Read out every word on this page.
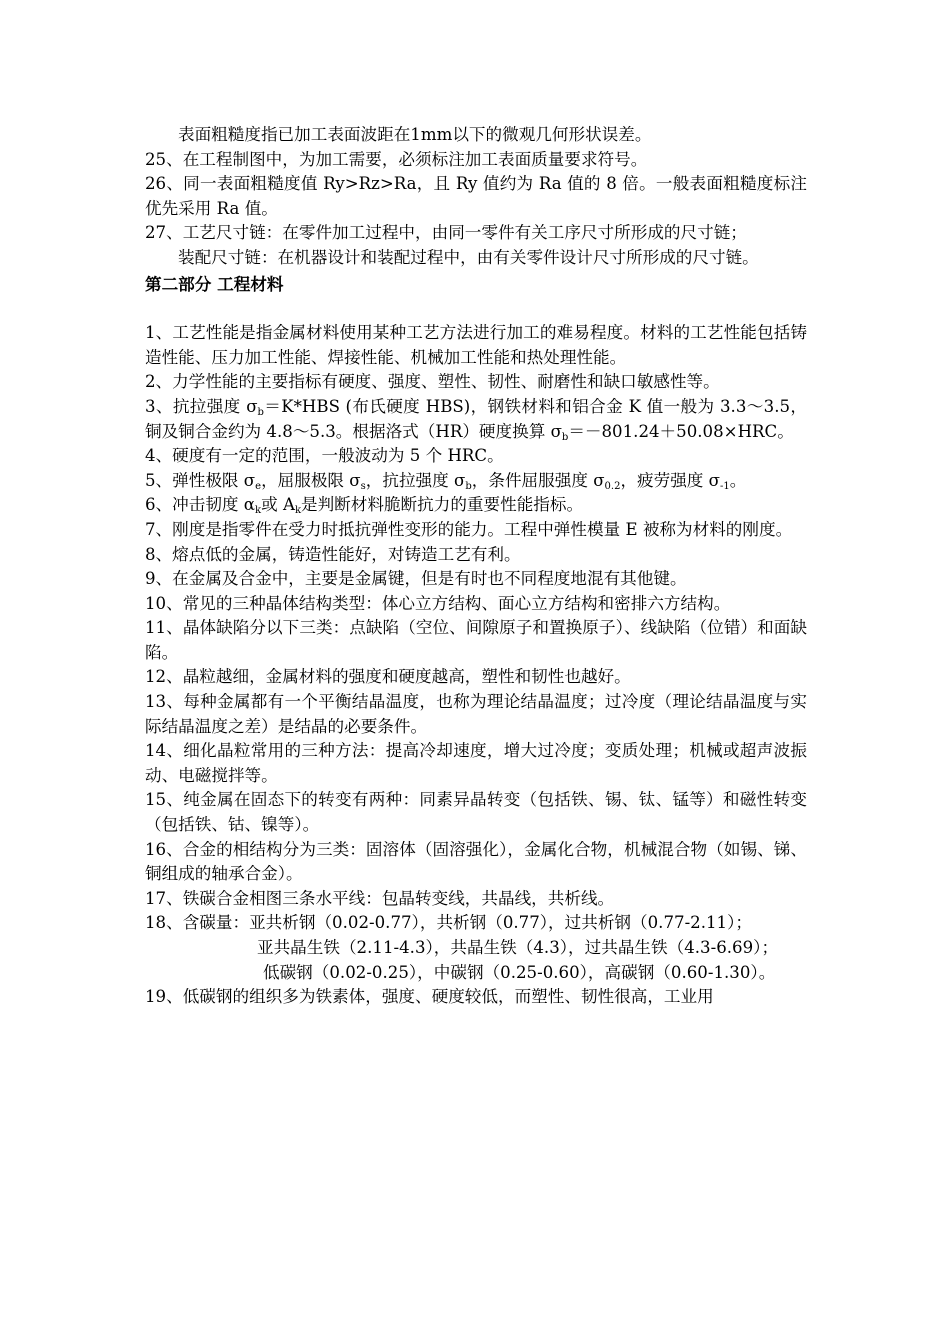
表面粗糙度指已加工表面波距在1mm以下的微观几何形状误差。

25、在工程制图中，为加工需要，必须标注加工表面质量要求符号。

26、同一表面粗糙度值 Ry>Rz>Ra，且 Ry 值约为 Ra 值的 8 倍。一般表面粗糙度标注优先采用 Ra 值。

27、工艺尺寸链：在零件加工过程中，由同一零件有关工序尺寸所形成的尺寸链；

装配尺寸链：在机器设计和装配过程中，由有关零件设计尺寸所形成的尺寸链。

第二部分 工程材料

1、工艺性能是指金属材料使用某种工艺方法进行加工的难易程度。材料的工艺性能包括铸造性能、压力加工性能、焊接性能、机械加工性能和热处理性能。

2、力学性能的主要指标有硬度、强度、塑性、韧性、耐磨性和缺口敏感性等。

3、抗拉强度 $\sigma_b=K*HBS$ (布氏硬度 HBS)，钢铁材料和铝合金 K 值一般为 3.3～3.5，铜及铜合金约为 4.8～5.3。根据洛式（HR）硬度换算 $\sigma_b=-801.24+50.08\times HRC$。

4、硬度有一定的范围，一般波动为 5 个 HRC。

5、弹性极限 $\sigma_e$，屈服极限 $\sigma_s$，抗拉强度 $\sigma_b$，条件屈服强度 $\sigma_{0.2}$，疲劳强度 $\sigma_{-1}$。

6、冲击韧度 $\alpha_k$或 $A_k$是判断材料脆断抗力的重要性能指标。

7、刚度是指零件在受力时抵抗弹性变形的能力。工程中弹性模量 E 被称为材料的刚度。

8、熔点低的金属，铸造性能好，对铸造工艺有利。

9、在金属及合金中，主要是金属键，但是有时也不同程度地混有其他键。

10、常见的三种晶体结构类型：体心立方结构、面心立方结构和密排六方结构。

11、晶体缺陷分以下三类：点缺陷（空位、间隙原子和置换原子）、线缺陷（位错）和面缺陷。

12、晶粒越细，金属材料的强度和硬度越高，塑性和韧性也越好。

13、每种金属都有一个平衡结晶温度，也称为理论结晶温度；过冷度（理论结晶温度与实际结晶温度之差）是结晶的必要条件。

14、细化晶粒常用的三种方法：提高冷却速度，增大过冷度；变质处理；机械或超声波振动、电磁搅拌等。

15、纯金属在固态下的转变有两种：同素异晶转变（包括铁、锡、钛、锰等）和磁性转变（包括铁、钴、镍等）。

16、合金的相结构分为三类：固溶体（固溶强化），金属化合物，机械混合物（如锡、锑、铜组成的轴承合金）。

17、铁碳合金相图三条水平线：包晶转变线，共晶线，共析线。

18、含碳量：亚共析钢（0.02-0.77），共析钢（0.77），过共析钢（0.77-2.11）；

亚共晶生铁（2.11-4.3），共晶生铁（4.3），过共晶生铁（4.3-6.69）；

低碳钢（0.02-0.25），中碳钢（0.25-0.60），高碳钢（0.60-1.30）。

19、低碳钢的组织多为铁素体，强度、硬度较低，而塑性、韧性很高，工业用
